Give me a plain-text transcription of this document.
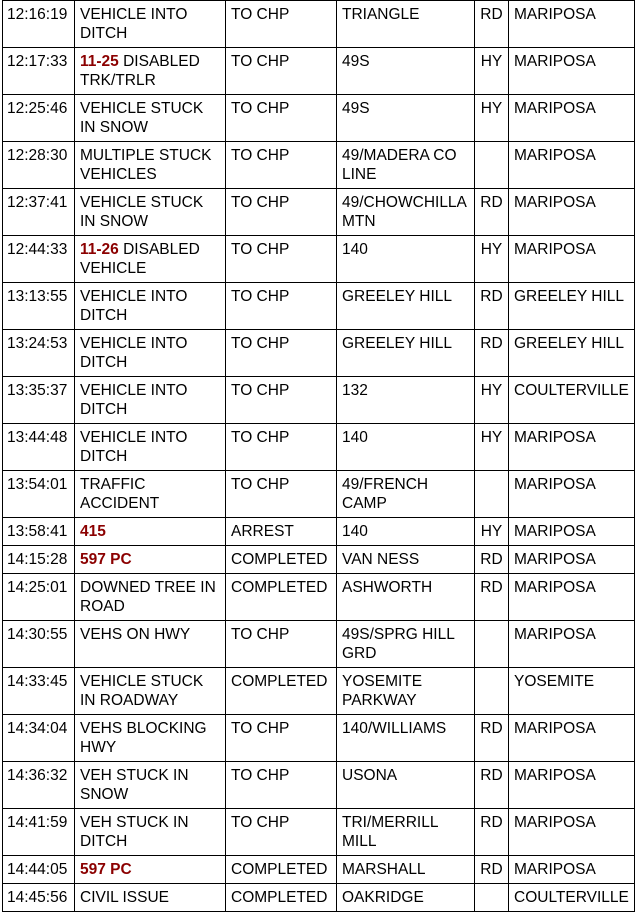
12:16:19	VEHICLE INTO DITCH	TO CHP	TRIANGLE	RD	MARIPOSA
12:17:33	11-25 DISABLED TRK/TRLR	TO CHP	49S	HY	MARIPOSA
12:25:46	VEHICLE STUCK IN SNOW	TO CHP	49S	HY	MARIPOSA
12:28:30	MULTIPLE STUCK VEHICLES	TO CHP	49/MADERA CO LINE		MARIPOSA
12:37:41	VEHICLE STUCK IN SNOW	TO CHP	49/CHOWCHILLA MTN	RD	MARIPOSA
12:44:33	11-26 DISABLED VEHICLE	TO CHP	140	HY	MARIPOSA
13:13:55	VEHICLE INTO DITCH	TO CHP	GREELEY HILL	RD	GREELEY HILL
13:24:53	VEHICLE INTO DITCH	TO CHP	GREELEY HILL	RD	GREELEY HILL
13:35:37	VEHICLE INTO DITCH	TO CHP	132	HY	COULTERVILLE
13:44:48	VEHICLE INTO DITCH	TO CHP	140	HY	MARIPOSA
13:54:01	TRAFFIC ACCIDENT	TO CHP	49/FRENCH CAMP		MARIPOSA
13:58:41	415	ARREST	140	HY	MARIPOSA
14:15:28	597 PC	COMPLETED	VAN NESS	RD	MARIPOSA
14:25:01	DOWNED TREE IN ROAD	COMPLETED	ASHWORTH	RD	MARIPOSA
14:30:55	VEHS ON HWY	TO CHP	49S/SPRG HILL GRD		MARIPOSA
14:33:45	VEHICLE STUCK IN ROADWAY	COMPLETED	YOSEMITE PARKWAY		YOSEMITE
14:34:04	VEHS BLOCKING HWY	TO CHP	140/WILLIAMS	RD	MARIPOSA
14:36:32	VEH STUCK IN SNOW	TO CHP	USONA	RD	MARIPOSA
14:41:59	VEH STUCK IN DITCH	TO CHP	TRI/MERRILL MILL	RD	MARIPOSA
14:44:05	597 PC	COMPLETED	MARSHALL	RD	MARIPOSA
14:45:56	CIVIL ISSUE	COMPLETED	OAKRIDGE		COULTERVILLE
